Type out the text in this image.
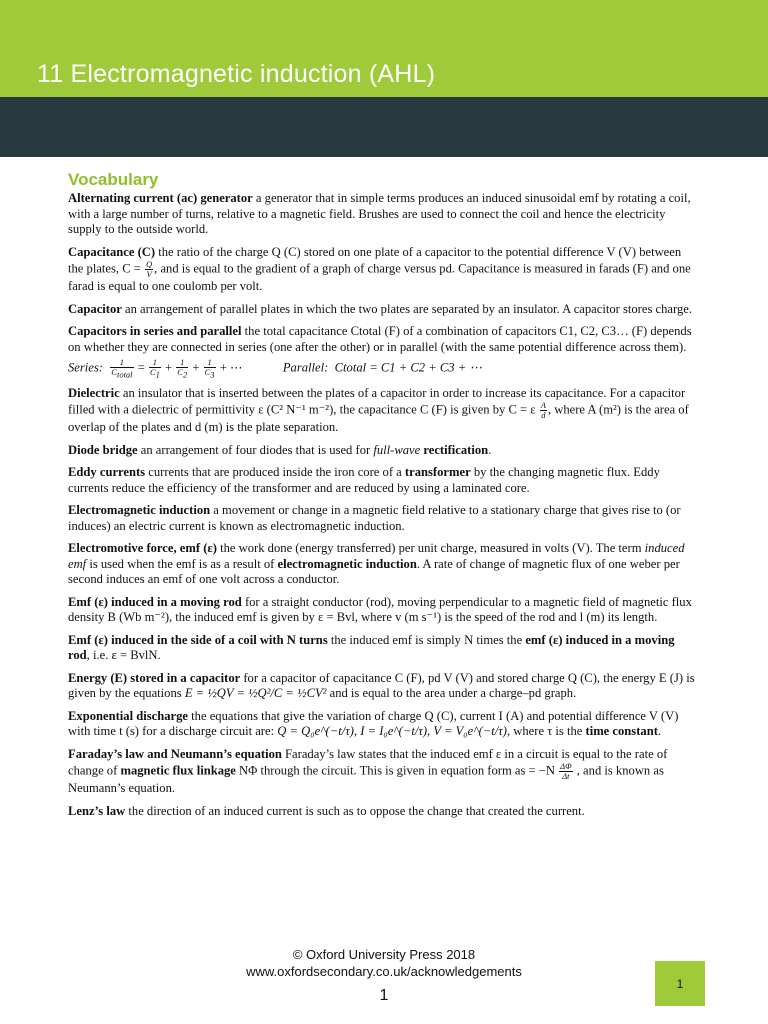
11 Electromagnetic induction (AHL)
Vocabulary

Alternating current (ac) generator a generator that in simple terms produces an induced sinusoidal emf by rotating a coil, with a large number of turns, relative to a magnetic field. Brushes are used to connect the coil and hence the electricity supply to the outside world.

Capacitance (C) the ratio of the charge Q (C) stored on one plate of a capacitor to the potential difference V (V) between the plates, $C = \frac{Q}{V}$ , and is equal to the gradient of a graph of charge versus pd. Capacitance is measured in farads (F) and one farad is equal to one coulomb per volt.

Capacitor an arrangement of parallel plates in which the two plates are separated by an insulator. A capacitor stores charge.

Capacitors in series and parallel the total capacitance Ctotal (F) of a combination of capacitors C1, C2, C3… (F) depends on whether they are connected in series (one after the other) or in parallel (with the same potential difference across them).

Series: $\frac{1}{C_{total}} = \frac{1}{C_1} + \frac{1}{C_2} + \frac{1}{C_3}$ + ⋯	Parallel: Ctotal = C1 + C2 + C3 + ⋯

Dielectric an insulator that is inserted between the plates of a capacitor in order to increase its capacitance. For a capacitor filled with a dielectric of permittivity ε (C² N⁻¹ m⁻²), the capacitance C (F) is given by C = ε $\frac{A}{d}$ , where A (m²) is the area of overlap of the plates and d (m) is the plate separation.

Diode bridge an arrangement of four diodes that is used for full-wave rectification.

Eddy currents currents that are produced inside the iron core of a transformer by the changing magnetic flux. Eddy currents reduce the efficiency of the transformer and are reduced by using a laminated core.

Electromagnetic induction a movement or change in a magnetic field relative to a stationary charge that gives rise to (or induces) an electric current is known as electromagnetic induction.

Electromotive force, emf (ε) the work done (energy transferred) per unit charge, measured in volts (V). The term induced emf is used when the emf is as a result of electromagnetic induction. A rate of change of magnetic flux of one weber per second induces an emf of one volt across a conductor.

Emf (ε) induced in a moving rod for a straight conductor (rod), moving perpendicular to a magnetic field of magnetic flux density B (Wb m⁻²), the induced emf is given by ε = Bvl, where v (m s⁻¹) is the speed of the rod and l (m) its length.

Emf (ε) induced in the side of a coil with N turns the induced emf is simply N times the emf (ε) induced in a moving rod, i.e. ε = BvlN.

Energy (E) stored in a capacitor for a capacitor of capacitance C (F), pd V (V) and stored charge Q (C), the energy E (J) is given by the equations E = ½QV = ½Q²/C = ½CV² and is equal to the area under a charge–pd graph.

Exponential discharge the equations that give the variation of charge Q (C), current I (A) and potential difference V (V) with time t (s) for a discharge circuit are: Q = Q₀e^(−t/τ), I = I₀e^(−t/τ), V = V₀e^(−t/τ), where τ is the time constant.

Faraday’s law and Neumann’s equation Faraday’s law states that the induced emf ε in a circuit is equal to the rate of change of magnetic flux linkage NΦ through the circuit. This is given in equation form as = $-N \frac{\Delta\Phi}{\Delta t}$ , and is known as Neumann’s equation.

Lenz’s law the direction of an induced current is such as to oppose the change that created the current.

© Oxford University Press 2018
www.oxfordsecondary.co.uk/acknowledgements
1
1
